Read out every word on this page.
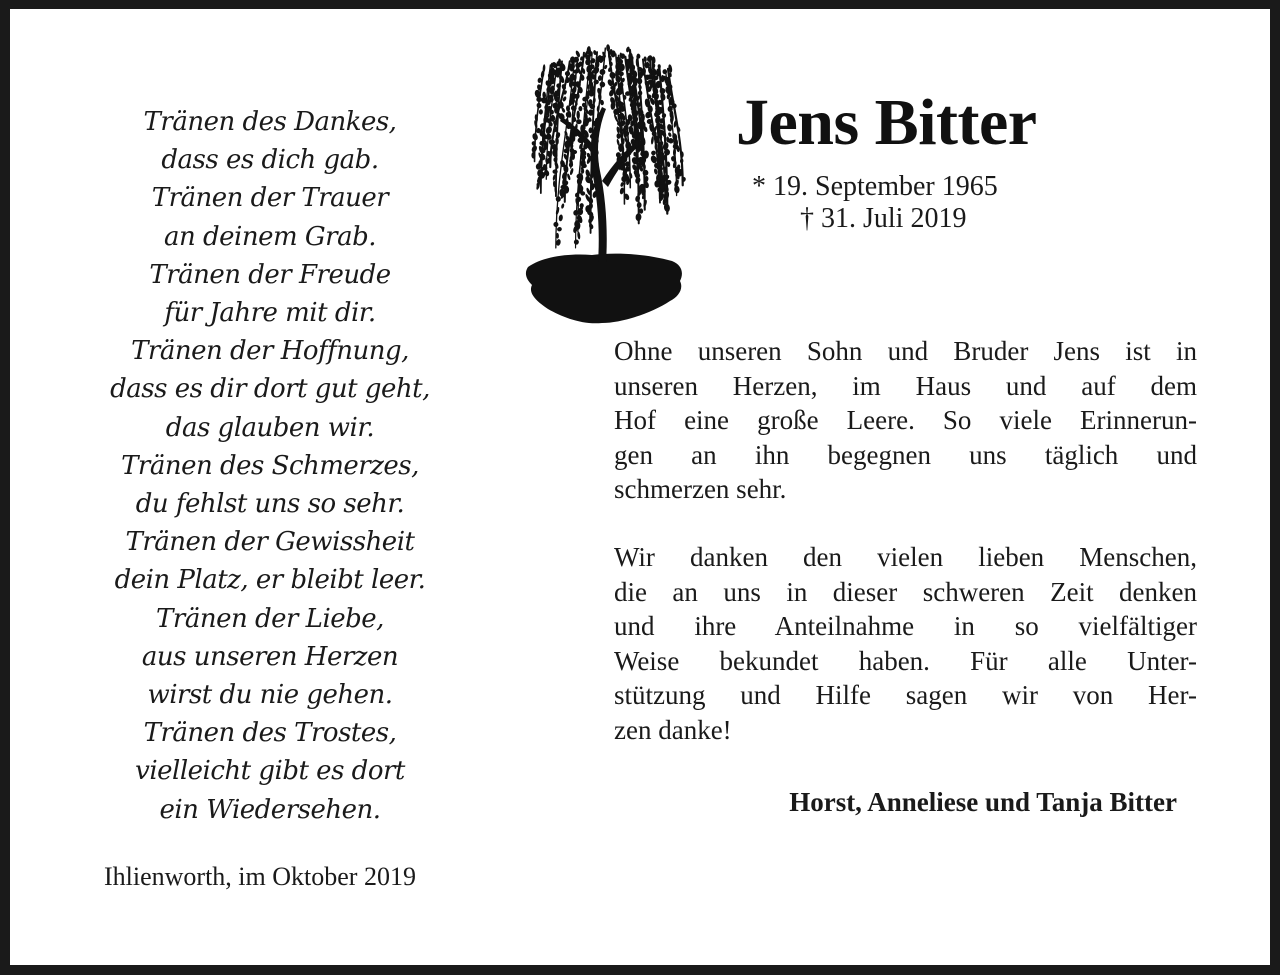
Tränen des Dankes,
dass es dich gab.
Tränen der Trauer
an deinem Grab.
Tränen der Freude
für Jahre mit dir.
Tränen der Hoffnung,
dass es dir dort gut geht,
das glauben wir.
Tränen des Schmerzes,
du fehlst uns so sehr.
Tränen der Gewissheit
dein Platz, er bleibt leer.
Tränen der Liebe,
aus unseren Herzen
wirst du nie gehen.
Tränen des Trostes,
vielleicht gibt es dort
ein Wiedersehen.
Ihlienworth, im Oktober 2019
Jens Bitter
* 19. September 1965
† 31. Juli 2019
Ohne unseren Sohn und Bruder Jens ist in
unseren Herzen, im Haus und auf dem
Hof eine große Leere. So viele Erinnerun-
gen an ihn begegnen uns täglich und
schmerzen sehr.
Wir danken den vielen lieben Menschen,
die an uns in dieser schweren Zeit denken
und ihre Anteilnahme in so vielfältiger
Weise bekundet haben. Für alle Unter-
stützung und Hilfe sagen wir von Her-
zen danke!
Horst, Anneliese und Tanja Bitter
